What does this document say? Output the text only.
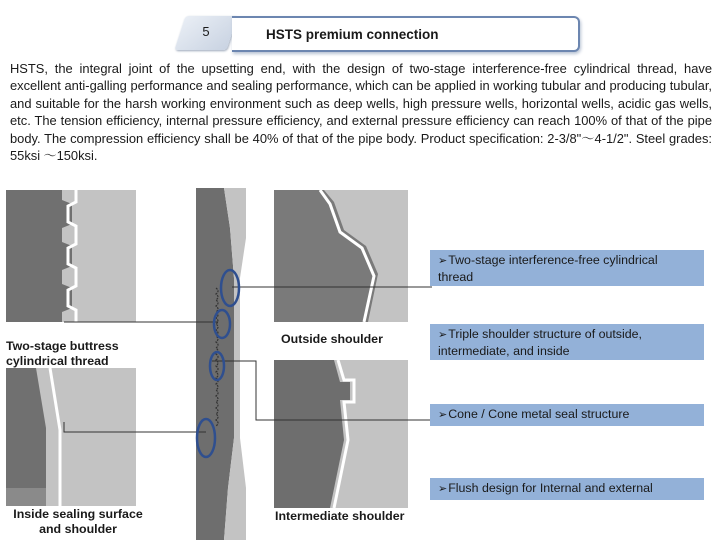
5	HSTS premium connection
HSTS, the integral joint of the upsetting end, with the design of two-stage interference-free cylindrical thread, have excellent anti-galling performance and sealing performance, which can be applied in working tubular and producing tubular, and suitable for the harsh working environment such as deep wells, high pressure wells, horizontal wells, acidic gas wells, etc. The tension efficiency, internal pressure efficiency, and external pressure efficiency can reach 100% of that of the pipe body. The compression efficiency shall be 40% of that of the pipe body. Product specification: 2-3/8"～4-1/2". Steel grades: 55ksi ～150ksi.
Two-stage buttress cylindrical thread
Outside shoulder
Inside sealing surface and shoulder
Intermediate shoulder
➢Two-stage interference-free cylindrical thread
➢Triple shoulder structure of outside, intermediate, and inside
➢Cone / Cone metal seal structure
➢Flush design for Internal and external
